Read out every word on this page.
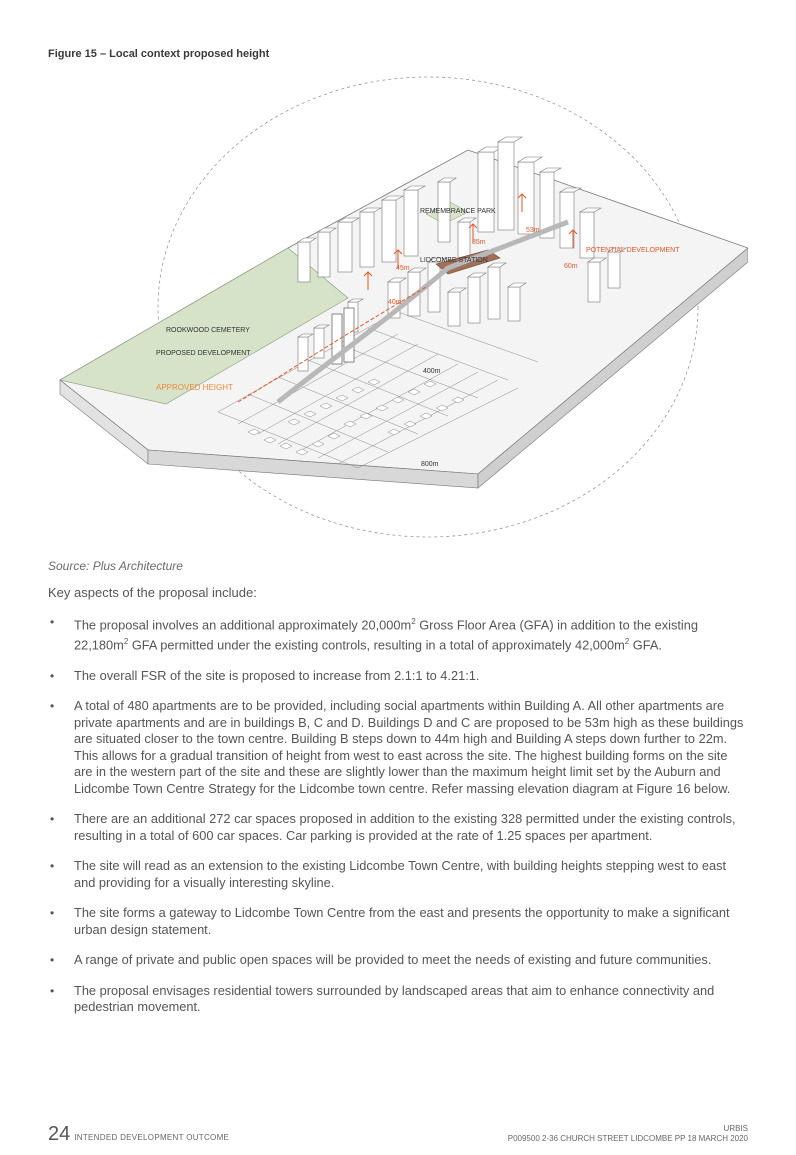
Figure 15 – Local context proposed height
REMEMBRANCE PARK
LIDCOMBE STATION
POTENTIAL DEVELOPMENT
ROOKWOOD CEMETERY
PROPOSED DEVELOPMENT
APPROVED HEIGHT
53m
85m
60m
45m
40m
400m
800m
Source: Plus Architecture
Key aspects of the proposal include:
• The proposal involves an additional approximately $20,000m^2$ Gross Floor Area (GFA) in addition to the existing $22,180m^2$ GFA permitted under the existing controls, resulting in a total of approximately $42,000m^2$ GFA.
• The overall FSR of the site is proposed to increase from 2.1:1 to 4.21:1.
• A total of 480 apartments are to be provided, including social apartments within Building A. All other apartments are private apartments and are in buildings B, C and D. Buildings D and C are proposed to be 53m high as these buildings are situated closer to the town centre. Building B steps down to 44m high and Building A steps down further to 22m. This allows for a gradual transition of height from west to east across the site. The highest building forms on the site are in the western part of the site and these are slightly lower than the maximum height limit set by the Auburn and Lidcombe Town Centre Strategy for the Lidcombe town centre. Refer massing elevation diagram at Figure 16 below.
• There are an additional 272 car spaces proposed in addition to the existing 328 permitted under the existing controls, resulting in a total of 600 car spaces. Car parking is provided at the rate of 1.25 spaces per apartment.
• The site will read as an extension to the existing Lidcombe Town Centre, with building heights stepping west to east and providing for a visually interesting skyline.
• The site forms a gateway to Lidcombe Town Centre from the east and presents the opportunity to make a significant urban design statement.
• A range of private and public open spaces will be provided to meet the needs of existing and future communities.
• The proposal envisages residential towers surrounded by landscaped areas that aim to enhance connectivity and pedestrian movement.
24 INTENDED DEVELOPMENT OUTCOME
URBIS
P009500 2-36 CHURCH STREET LIDCOMBE PP 18 MARCH 2020
